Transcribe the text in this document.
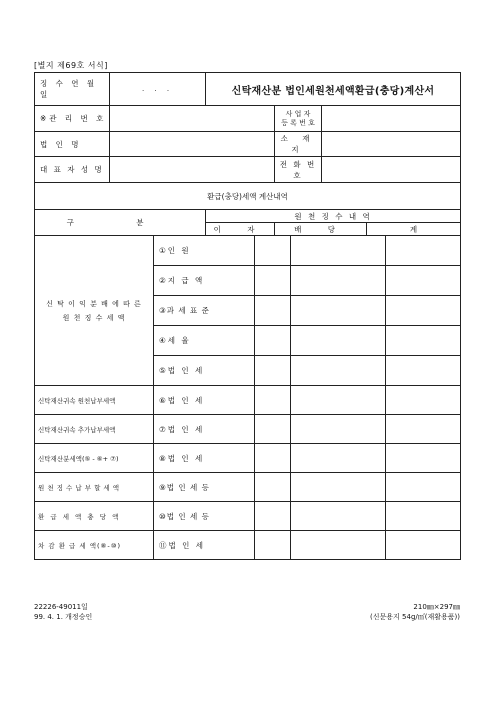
[별지 제69호 서식]
징 수 연 월 일	. . .		신탁재산분 법인세원천세액환급(충당)계산서						
※관 리 번 호					사 업 자
등 록 번 호				

법 인 명					소 재 지				
대 표 자 성 명					전 화 번 호				
환급(충당)세액 계산내역									
구 분			원 천 징 수 내 역						
			이 자		배 당			계	

신 탁 이 익 분 배 에 따 른
원 천 징 수 세 액		①인 원							
		②지 급 액							
		③과 세 표 준							
		④세 율							
		⑤법 인 세							
신탁재산귀속 원천납부세액		⑥법 인 세							
신탁재산귀속 추가납부세액		⑦법 인 세							
신탁재산분세액(⑤ - ⑥+ ⑦)		⑧법 인 세							
원 천 징 수 납 부 할 세 액		⑨법 인 세 등							
환 급 세 액 충 당 액		⑩법 인 세 등							
차 감 환 급 세 액(⑧-⑩)		⑪법 인 세							
22226-49011일
99. 4. 1. 개정승인
210㎜×297㎜
(신문용지 54g/㎡(재활용품))
